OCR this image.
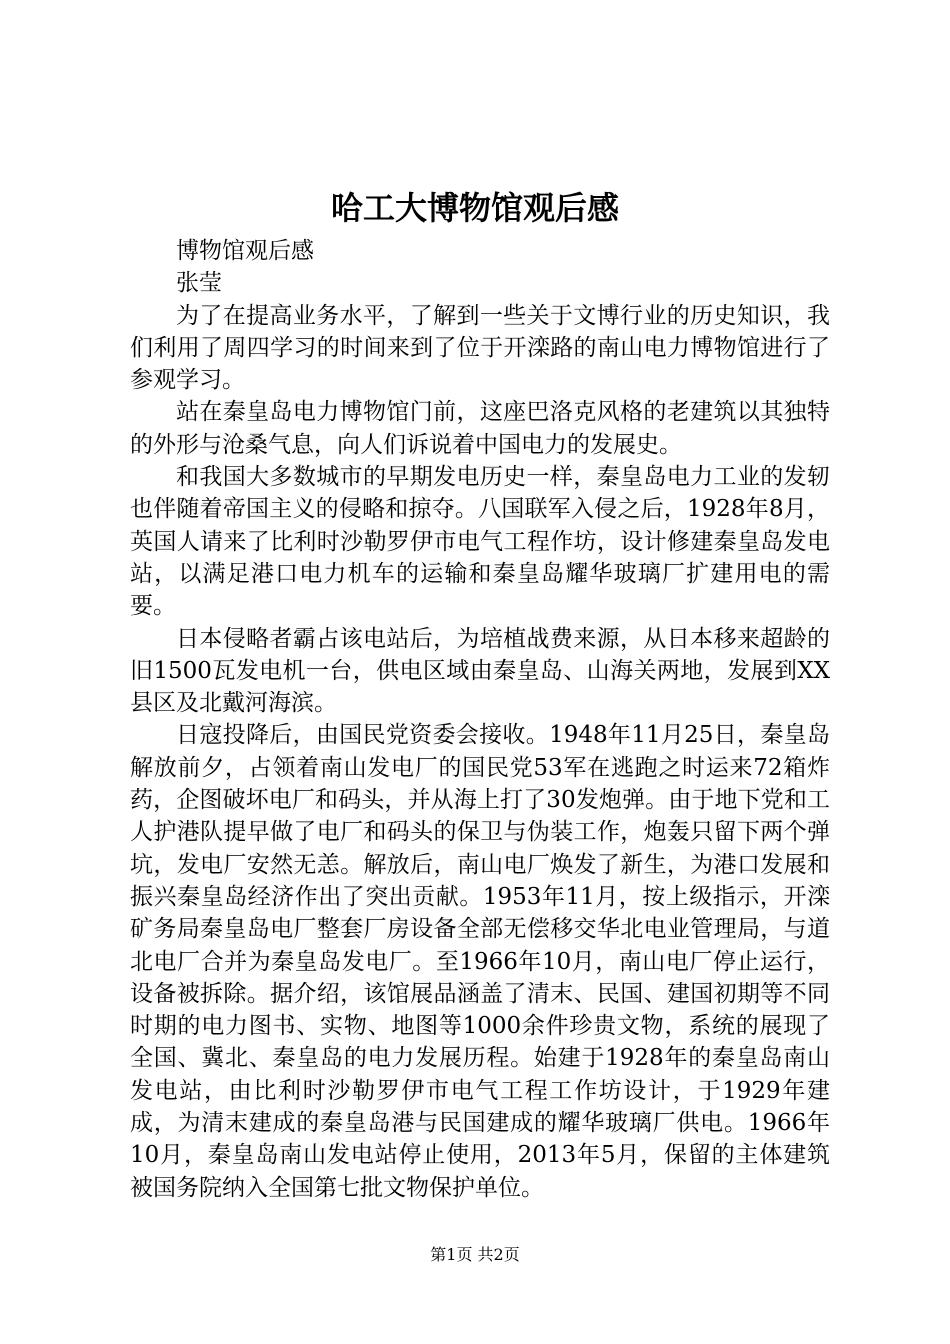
哈工大博物馆观后感

博物馆观后感

张莹

为了在提高业务水平，了解到一些关于文博行业的历史知识，我们利用了周四学习的时间来到了位于开滦路的南山电力博物馆进行了参观学习。

站在秦皇岛电力博物馆门前，这座巴洛克风格的老建筑以其独特的外形与沧桑气息，向人们诉说着中国电力的发展史。

和我国大多数城市的早期发电历史一样，秦皇岛电力工业的发轫也伴随着帝国主义的侵略和掠夺。八国联军入侵之后，1928年8月，英国人请来了比利时沙勒罗伊市电气工程作坊，设计修建秦皇岛发电站，以满足港口电力机车的运输和秦皇岛耀华玻璃厂扩建用电的需要。

日本侵略者霸占该电站后，为培植战费来源，从日本移来超龄的旧1500瓦发电机一台，供电区域由秦皇岛、山海关两地，发展到XX县区及北戴河海滨。

日寇投降后，由国民党资委会接收。1948年11月25日，秦皇岛解放前夕，占领着南山发电厂的国民党53军在逃跑之时运来72箱炸药，企图破坏电厂和码头，并从海上打了30发炮弹。由于地下党和工人护港队提早做了电厂和码头的保卫与伪装工作，炮轰只留下两个弹坑，发电厂安然无恙。解放后，南山电厂焕发了新生，为港口发展和振兴秦皇岛经济作出了突出贡献。1953年11月，按上级指示，开滦矿务局秦皇岛电厂整套厂房设备全部无偿移交华北电业管理局，与道北电厂合并为秦皇岛发电厂。至1966年10月，南山电厂停止运行，设备被拆除。据介绍，该馆展品涵盖了清末、民国、建国初期等不同时期的电力图书、实物、地图等1000余件珍贵文物，系统的展现了全国、冀北、秦皇岛的电力发展历程。始建于1928年的秦皇岛南山发电站，由比利时沙勒罗伊市电气工程工作坊设计，于1929年建成，为清末建成的秦皇岛港与民国建成的耀华玻璃厂供电。1966年10月，秦皇岛南山发电站停止使用，2013年5月，保留的主体建筑被国务院纳入全国第七批文物保护单位。

第1页 共2页
